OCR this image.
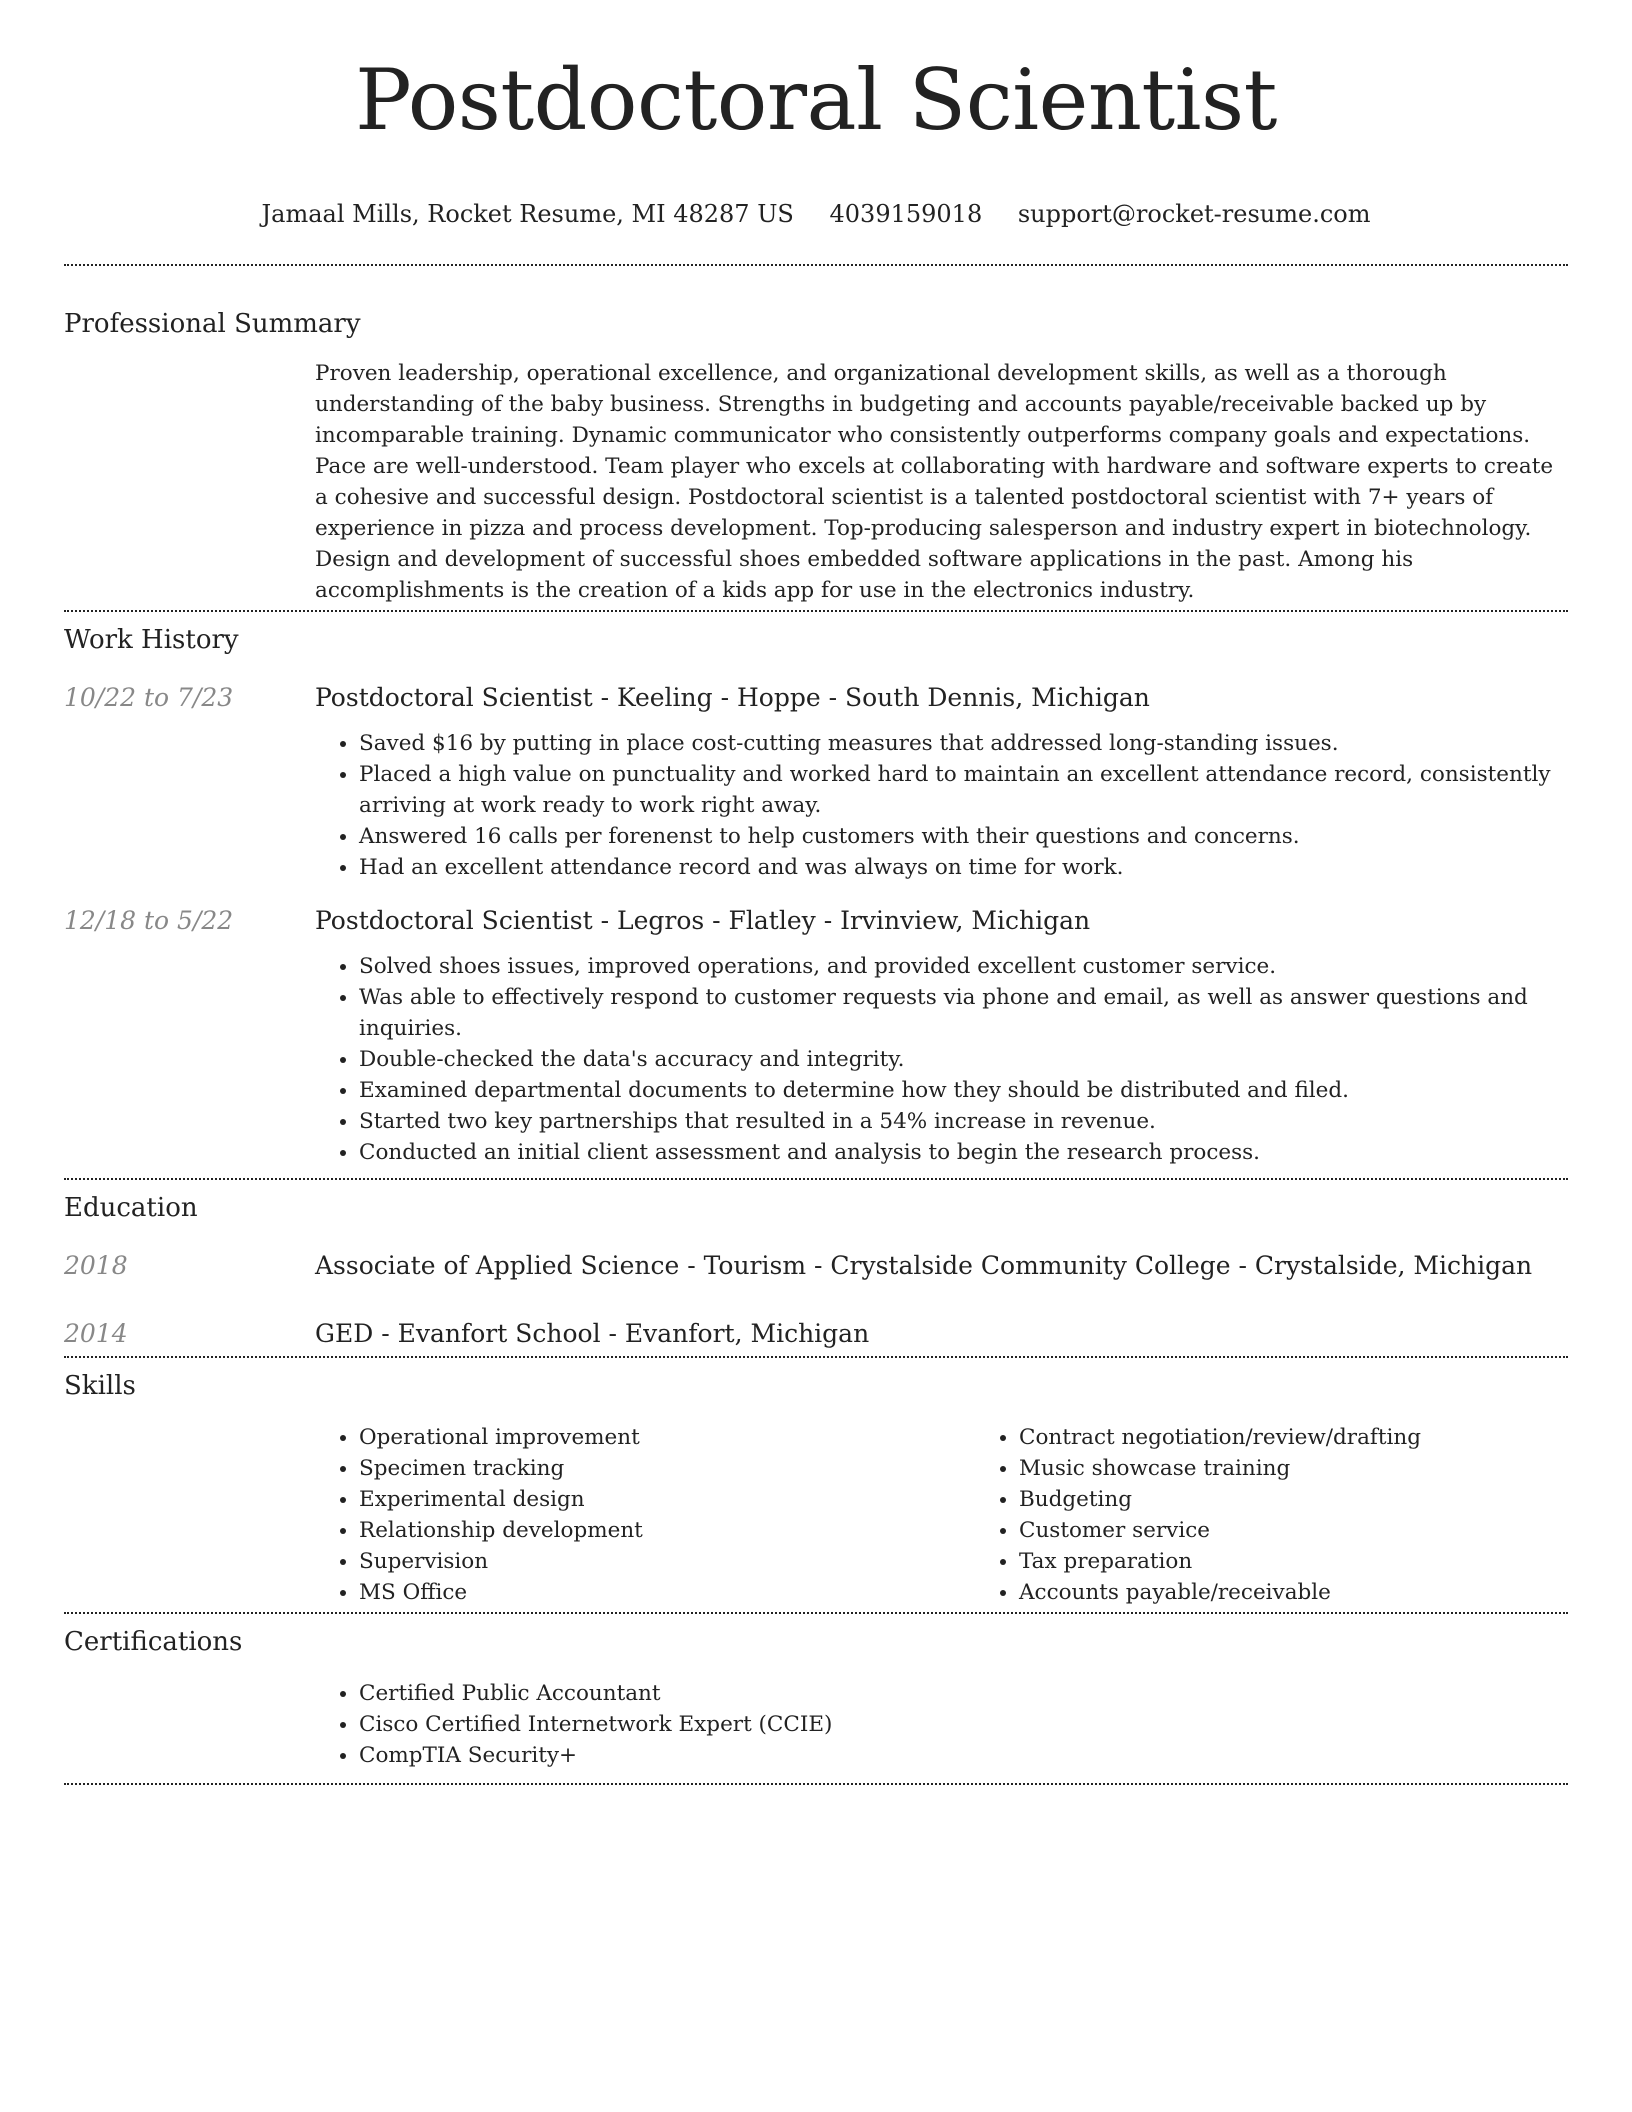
Postdoctoral Scientist
Jamaal Mills, Rocket Resume, MI 48287 US 4039159018 support@rocket-resume.com
Professional Summary

Proven leadership, operational excellence, and organizational development skills, as well as a thorough understanding of the baby business. Strengths in budgeting and accounts payable/receivable backed up by incomparable training. Dynamic communicator who consistently outperforms company goals and expectations. Pace are well-understood. Team player who excels at collaborating with hardware and software experts to create a cohesive and successful design. Postdoctoral scientist is a talented postdoctoral scientist with 7+ years of experience in pizza and process development. Top-producing salesperson and industry expert in biotechnology. Design and development of successful shoes embedded software applications in the past. Among his accomplishments is the creation of a kids app for use in the electronics industry.

Work History
10/22 to 7/23	Postdoctoral Scientist - Keeling - Hoppe - South Dennis, Michigan
• Saved $16 by putting in place cost-cutting measures that addressed long-standing issues.
• Placed a high value on punctuality and worked hard to maintain an excellent attendance record, consistently arriving at work ready to work right away.
• Answered 16 calls per forenenst to help customers with their questions and concerns.
• Had an excellent attendance record and was always on time for work.
12/18 to 5/22	Postdoctoral Scientist - Legros - Flatley - Irvinview, Michigan
• Solved shoes issues, improved operations, and provided excellent customer service.
• Was able to effectively respond to customer requests via phone and email, as well as answer questions and inquiries.
• Double-checked the data's accuracy and integrity.
• Examined departmental documents to determine how they should be distributed and filed.
• Started two key partnerships that resulted in a 54% increase in revenue.
• Conducted an initial client assessment and analysis to begin the research process.
Education
2018	Associate of Applied Science - Tourism - Crystalside Community College - Crystalside, Michigan
2014	GED - Evanfort School - Evanfort, Michigan
Skills
• Operational improvement
• Specimen tracking
• Experimental design
• Relationship development
• Supervision
• MS Office
• Contract negotiation/review/drafting
• Music showcase training
• Budgeting
• Customer service
• Tax preparation
• Accounts payable/receivable
Certifications
• Certified Public Accountant
• Cisco Certified Internetwork Expert (CCIE)
• CompTIA Security+
